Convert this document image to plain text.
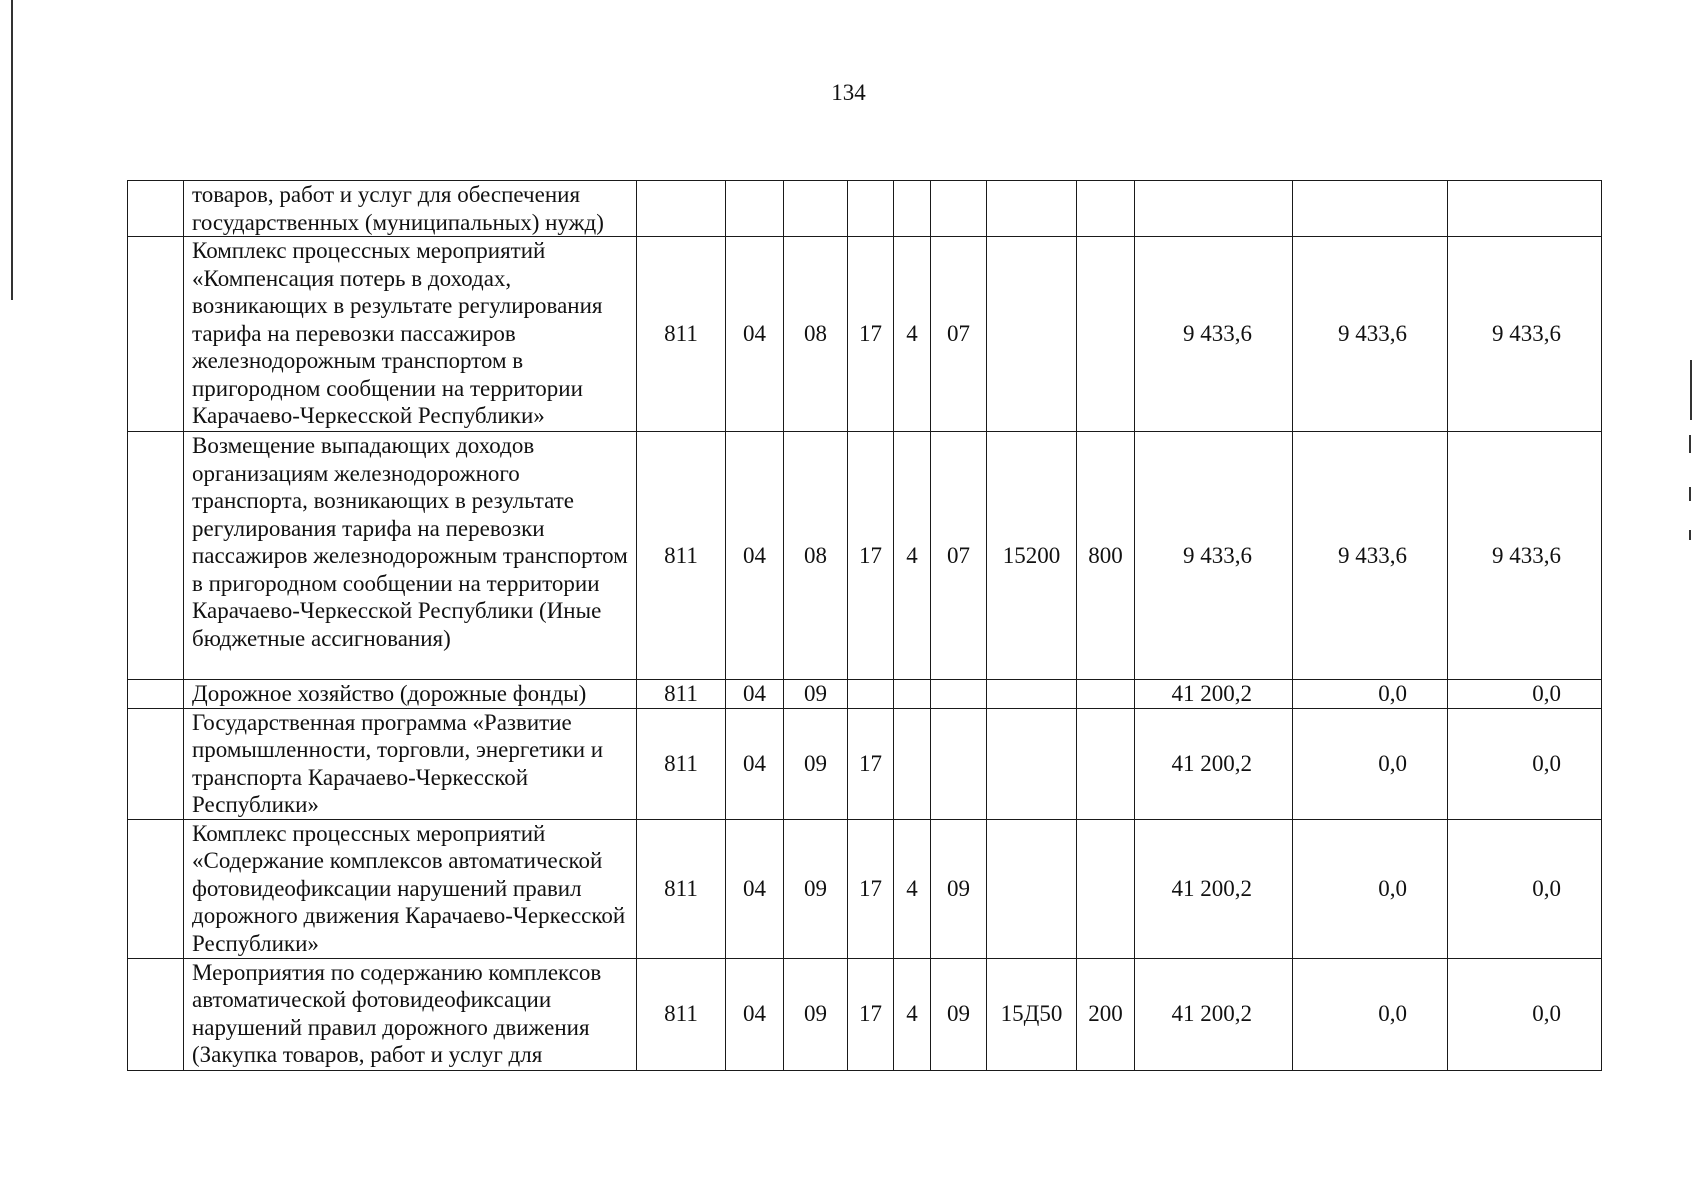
134
	товаров, работ и услуг для обеспечения государственных (муниципальных) нужд)											
	Комплекс процессных мероприятий «Компенсация потерь в доходах, возникающих в результате регулирования тарифа на перевозки пассажиров железнодорожным транспортом в пригородном сообщении на территории Карачаево-Черкесской Республики»	811	04	08	17	4	07			9 433,6	9 433,6	9 433,6
	Возмещение выпадающих доходов организациям железнодорожного транспорта, возникающих в результате регулирования тарифа на перевозки пассажиров железнодорожным транспортом в пригородном сообщении на территории Карачаево-Черкесской Республики (Иные бюджетные ассигнования)	811	04	08	17	4	07	15200	800	9 433,6	9 433,6	9 433,6
	Дорожное хозяйство (дорожные фонды)	811	04	09						41 200,2	0,0	0,0
	Государственная программа «Развитие промышленности, торговли, энергетики и транспорта Карачаево-Черкесской Республики»	811	04	09	17					41 200,2	0,0	0,0
	Комплекс процессных мероприятий «Содержание комплексов автоматической фотовидеофиксации нарушений правил дорожного движения Карачаево-Черкесской Республики»	811	04	09	17	4	09			41 200,2	0,0	0,0
	Мероприятия по содержанию комплексов автоматической фотовидеофиксации нарушений правил дорожного движения (Закупка товаров, работ и услуг для	811	04	09	17	4	09	15Д50	200	41 200,2	0,0	0,0
